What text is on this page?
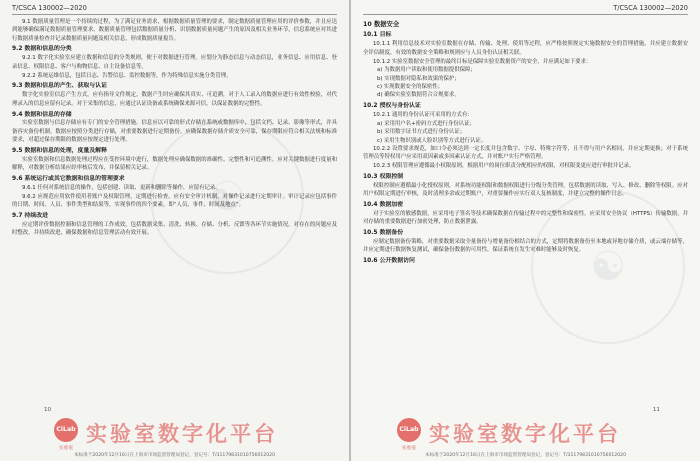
☯
T/CSCA 130002—2020

9.1 数据质量管理是一个持续的过程，为了满足业务需求，根据数据质量管理的要求，制定数据质量管理应用的评价参数，并且应达到能够确保满足数据质量管理要求。数据质量管理包括数据质量分析、识别数据质量问题产生的原因及相关业务环节，信息系统应对其进行数据质量检查并记录数据质量问题及相关信息，形成数据质量报告。

9.2 数据和信息的分类

9.2.1 数字化实验室应建立数据和信息的分类规则，便于对数据进行管理。应划分为静态信息与动态信息，业务信息、应用信息、登录信息、权限信息、客户与购物信息、自主设备信息等。

9.2.2 系统运维信息，包括日志、告警信息、监控数据等，作为特殊信息实施分类管理。

9.3 数据和信息的产生、获取与认证

数字化实验室信息产生方式，应有指导文件规定。数据产生时应确保其真实、可追溯，对于人工录入的数据应进行有效性校验，对代理录入的信息应留有记录。对于采集的信息，应通过认证设备或系统确保来源可信，以保证数据的完整性。

9.4 数据和信息的存储

实验室数据与信息存储应有专门的安全管理措施。信息应以可靠的形式存储在系统或数据库中，包括文档、记录、影像等形式，并具备容灾备份机制。数据应按照分类进行存储，对重要数据进行定期备份。应确保数据存储介质安全可靠，保存期限应符合相关法规和标准要求，对超过保存期限的数据应按规定进行处理。

9.5 数据和信息的处理，度量及解释

实验室数据和信息数据处理过程应在受控环境中进行，数据处理应确保数据的准确性、完整性和可追溯性。应对关键数据进行度量和解释，对数据分析结果应经审核后发布，并保留相关记录。

9.6 系统运行或其它数据和信息的管理要求

9.6.1 任何对系统信息的操作，包括创建、读取、更新和删除等操作，应留有记录。

9.6.2 应规范应用软件使用者账户及权限管理，定期进行检查。应有安全审计机制，对操作记录进行定期审计。审计记录应包括事件的日期、时间、人员、事件类型和结果等，实现事件的四个要素，即“人员、事件、时间及地点”。

9.7 持续改进

应定期评价数据控制和信息管理的工作成效，包括数据采集、清洗、转换、存储、分析、反馈等各环节实施情况，对存在的问题应及时整改，并持续改进，确保数据和信息管理活动有效开展。

10
CiLab
实验室
实验室数字化平台
本标准于2020年12月16日在上海市市场监督管理局登记，登记号：T/31179831010756012020
☯
T/CSCA 130002—2020
10 数据安全
10.1 目标

10.1.1 利用信息技术对实验室数据在存储、传输、处理、使用等过程，应严格按照规定实施数据安全的管理措施，并应建立数据安全评估制度，有效的数据安全策略和规则应与人员身份认证相关联。

10.1.2 实验室数据安全管理的最终目标是保障实验室数据资产的安全，并应满足如下要求：

a) 为数据用户读取和使用数据提供保障；

b) 实现数据对隐私和效果的保护；

c) 实现数据安全的保密性；

d) 确保实验室数据符合合规要求。

10.2 授权与身份认证

10.2.1 通用的身份认证可采用的方式有：

a) 采用用户名+密码方式进行身份认证；

b) 采用数字证书方式进行身份认证；

c) 采用生物识别或人脸识别等方式进行认证。

10.2.2 设置要求规范，如口令必须达到一定长度并包含数字、字母、特殊字符等，且不得与用户名相同，并应定期更换；对于系统管理员等特权用户应采用双因素或多因素认证方式，并对账户实行严格管理。

10.2.3 权限管理应遵循最小权限原则，根据用户的岗位职责分配相应的权限，对权限变更应进行审批并记录。

10.3 权限控制

权限控制应遵循最小化授权原则，对系统功能权限和数据权限进行分级分类管理，包括数据的读取、写入、修改、删除等权限。应对用户权限定期进行审核，及时清理多余或过期账户，对重要操作应实行双人复核制度，并建立完整的操作日志。

10.4 数据加密

对于实验室的敏感数据，应采用电子签名等技术确保数据在传输过程中的完整性和保密性。应采用安全协议（HTTPS）传输数据，并对存储的重要数据进行加密处理，防止数据泄露。

10.5 数据备份

应制定数据备份策略，对重要数据采取全量备份与增量备份相结合的方式，定期将数据备份至本地或异地存储介质，或云端存储等，并应定期进行数据恢复测试，确保备份数据的可用性，保证系统在发生灾难时能够及时恢复。

10.6 公开数据访问
11
CiLab
实验室
实验室数字化平台
本标准于2020年12月16日在上海市市场监督管理局登记，登记号：T/31179831010756012020
